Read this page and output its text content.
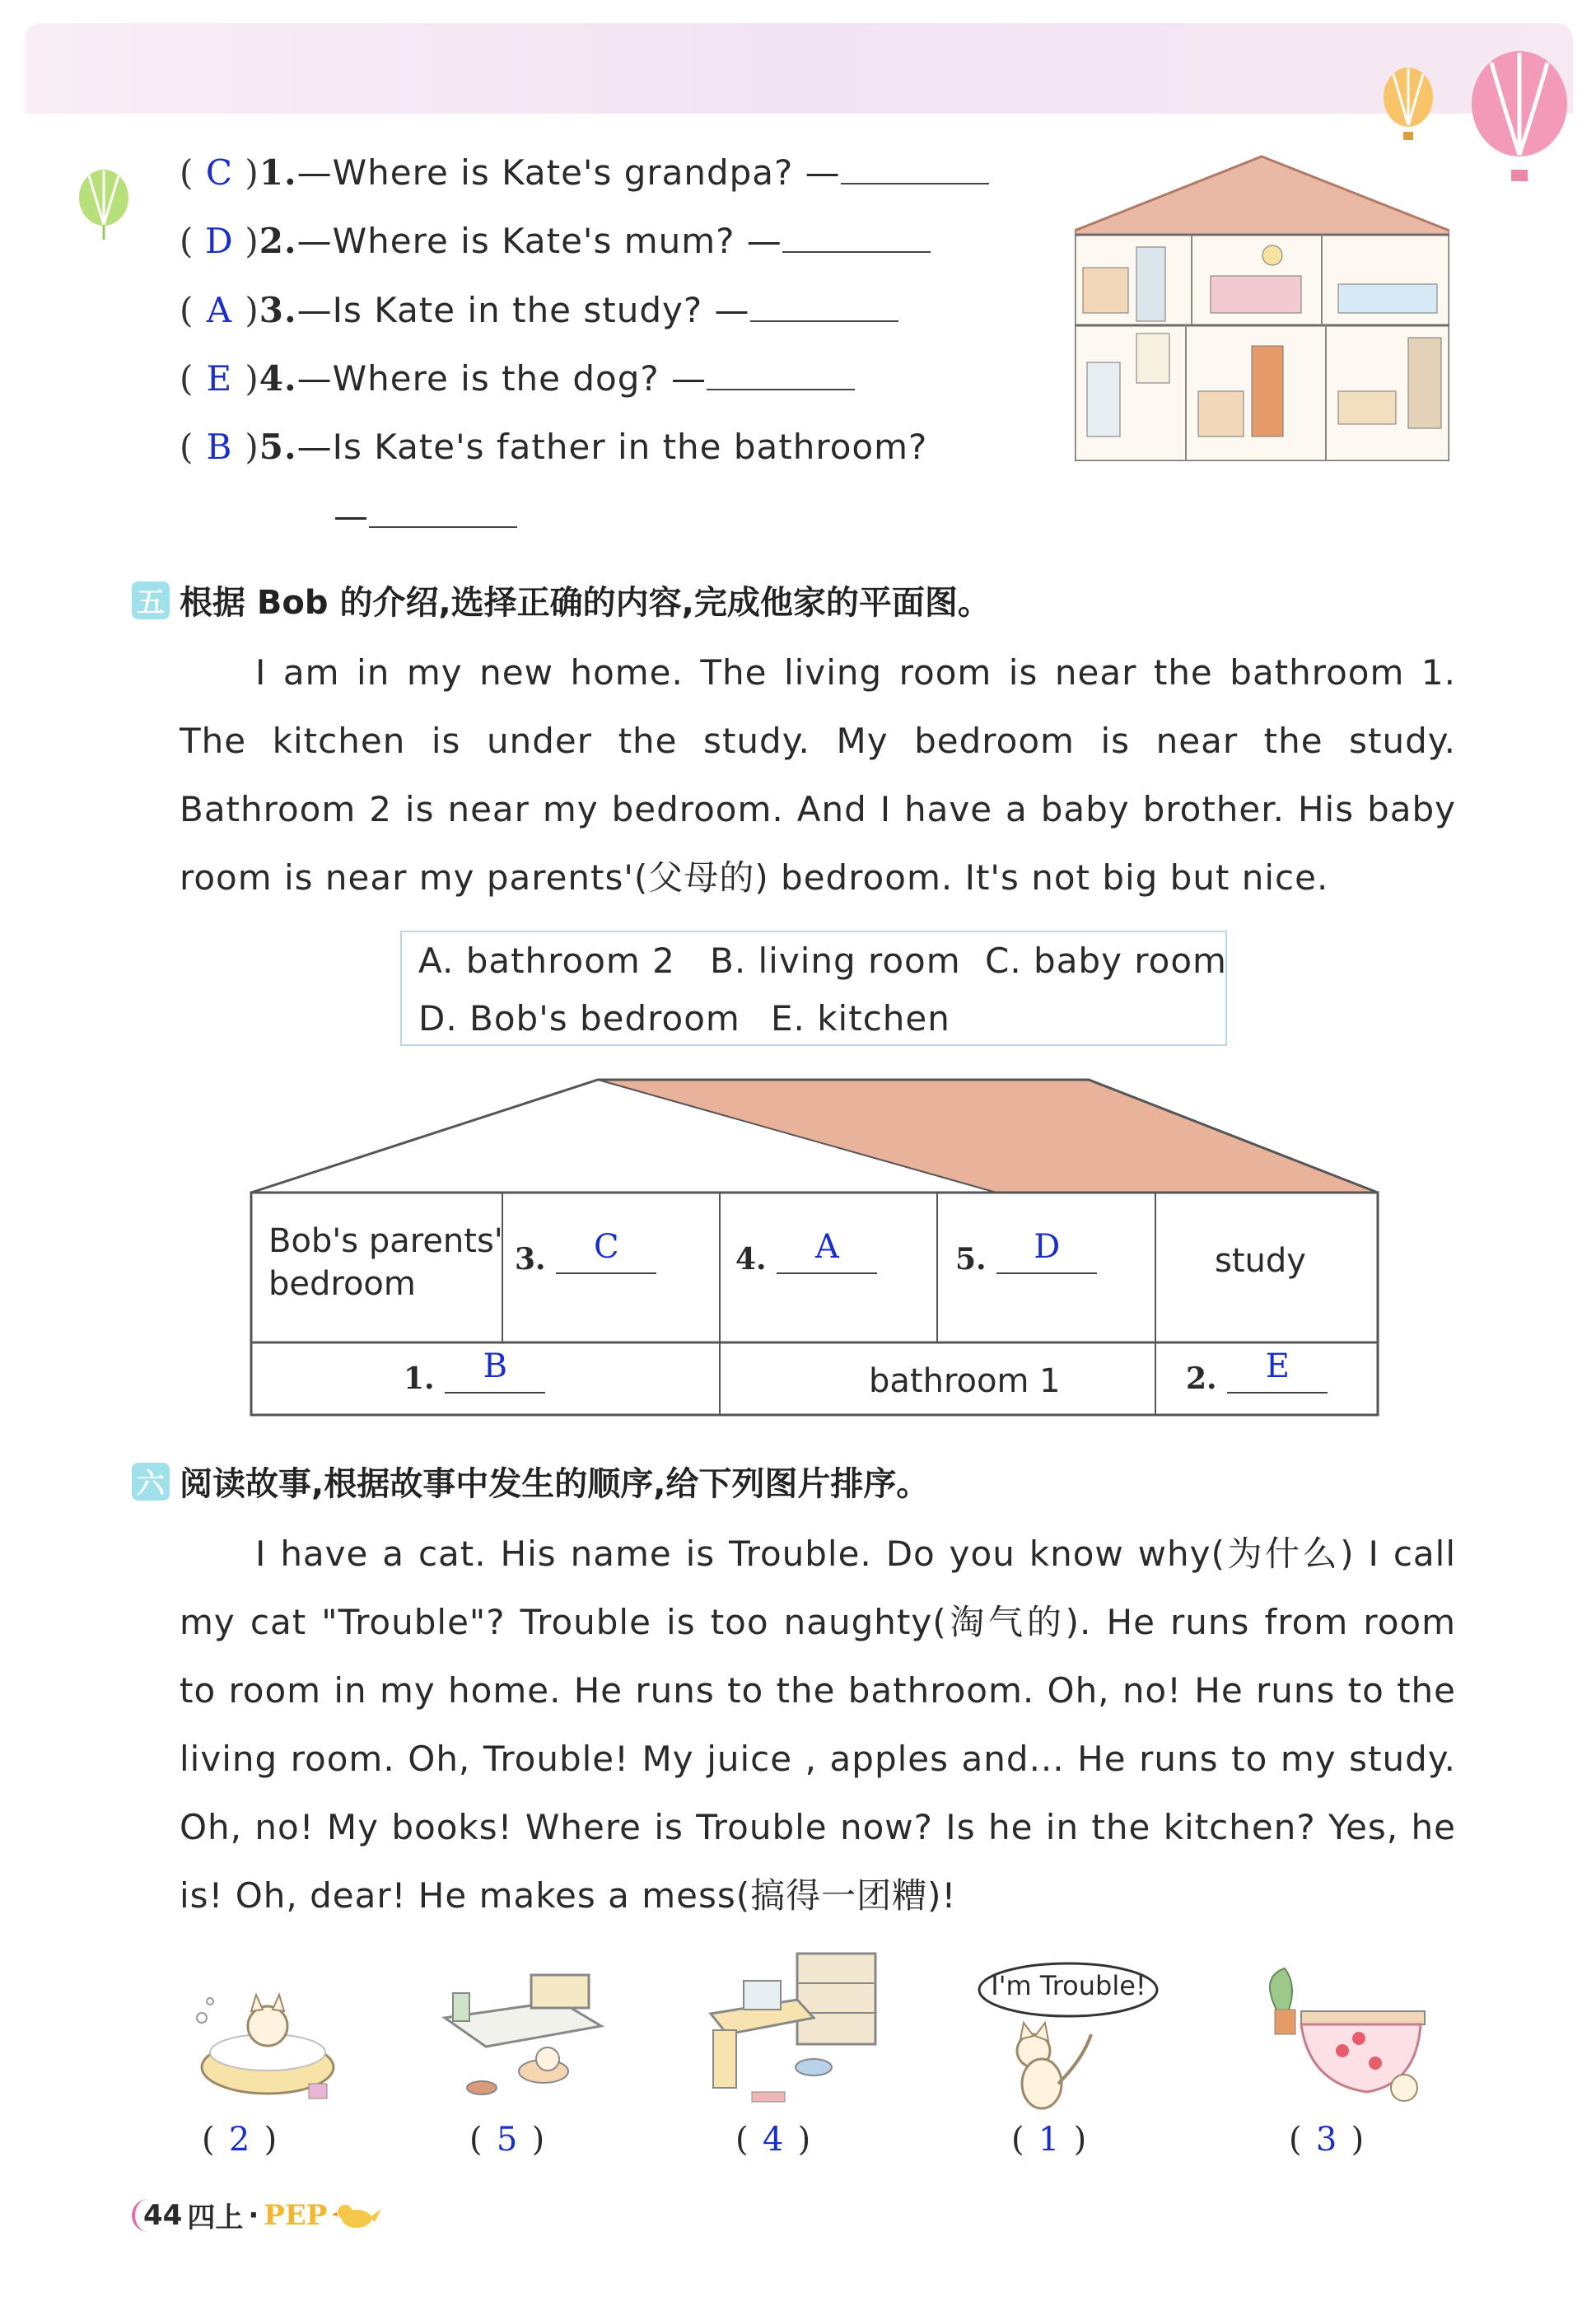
( C )1.—Where is Kate's grandpa? —
( D )2.—Where is Kate's mum? —
( A )3.—Is Kate in the study? —
( E )4.—Where is the dog? —
( B )5.—Is Kate's father in the bathroom?
—
五 根据 Bob 的介绍,选择正确的内容,完成他家的平面图。

I am in my new home. The living room is near the bathroom 1. The kitchen is under the study. My bedroom is near the study. Bathroom 2 is near my bedroom. And I have a baby brother. His baby room is near my parents'(父母的) bedroom. It's not big but nice.

A. bathroom 2 B. living room C. baby room
D. Bob's bedroom E. kitchen
Bob's parents'
bedroom
3. C	4. A	5. D	study
1. B	bathroom 1	2. E
六 阅读故事,根据故事中发生的顺序,给下列图片排序。

I have a cat. His name is Trouble. Do you know why(为什么) I call my cat "Trouble"? Trouble is too naughty(淘气的). He runs from room to room in my home. He runs to the bathroom. Oh, no! He runs to the living room. Oh, Trouble! My juice , apples and... He runs to my study. Oh, no! My books! Where is Trouble now? Is he in the kitchen? Yes, he is! Oh, dear! He makes a mess(搞得一团糟)!

I'm Trouble!
( 2 )	( 5 )	( 4 )	( 1 )	( 3 )
44 四上 · PEP
